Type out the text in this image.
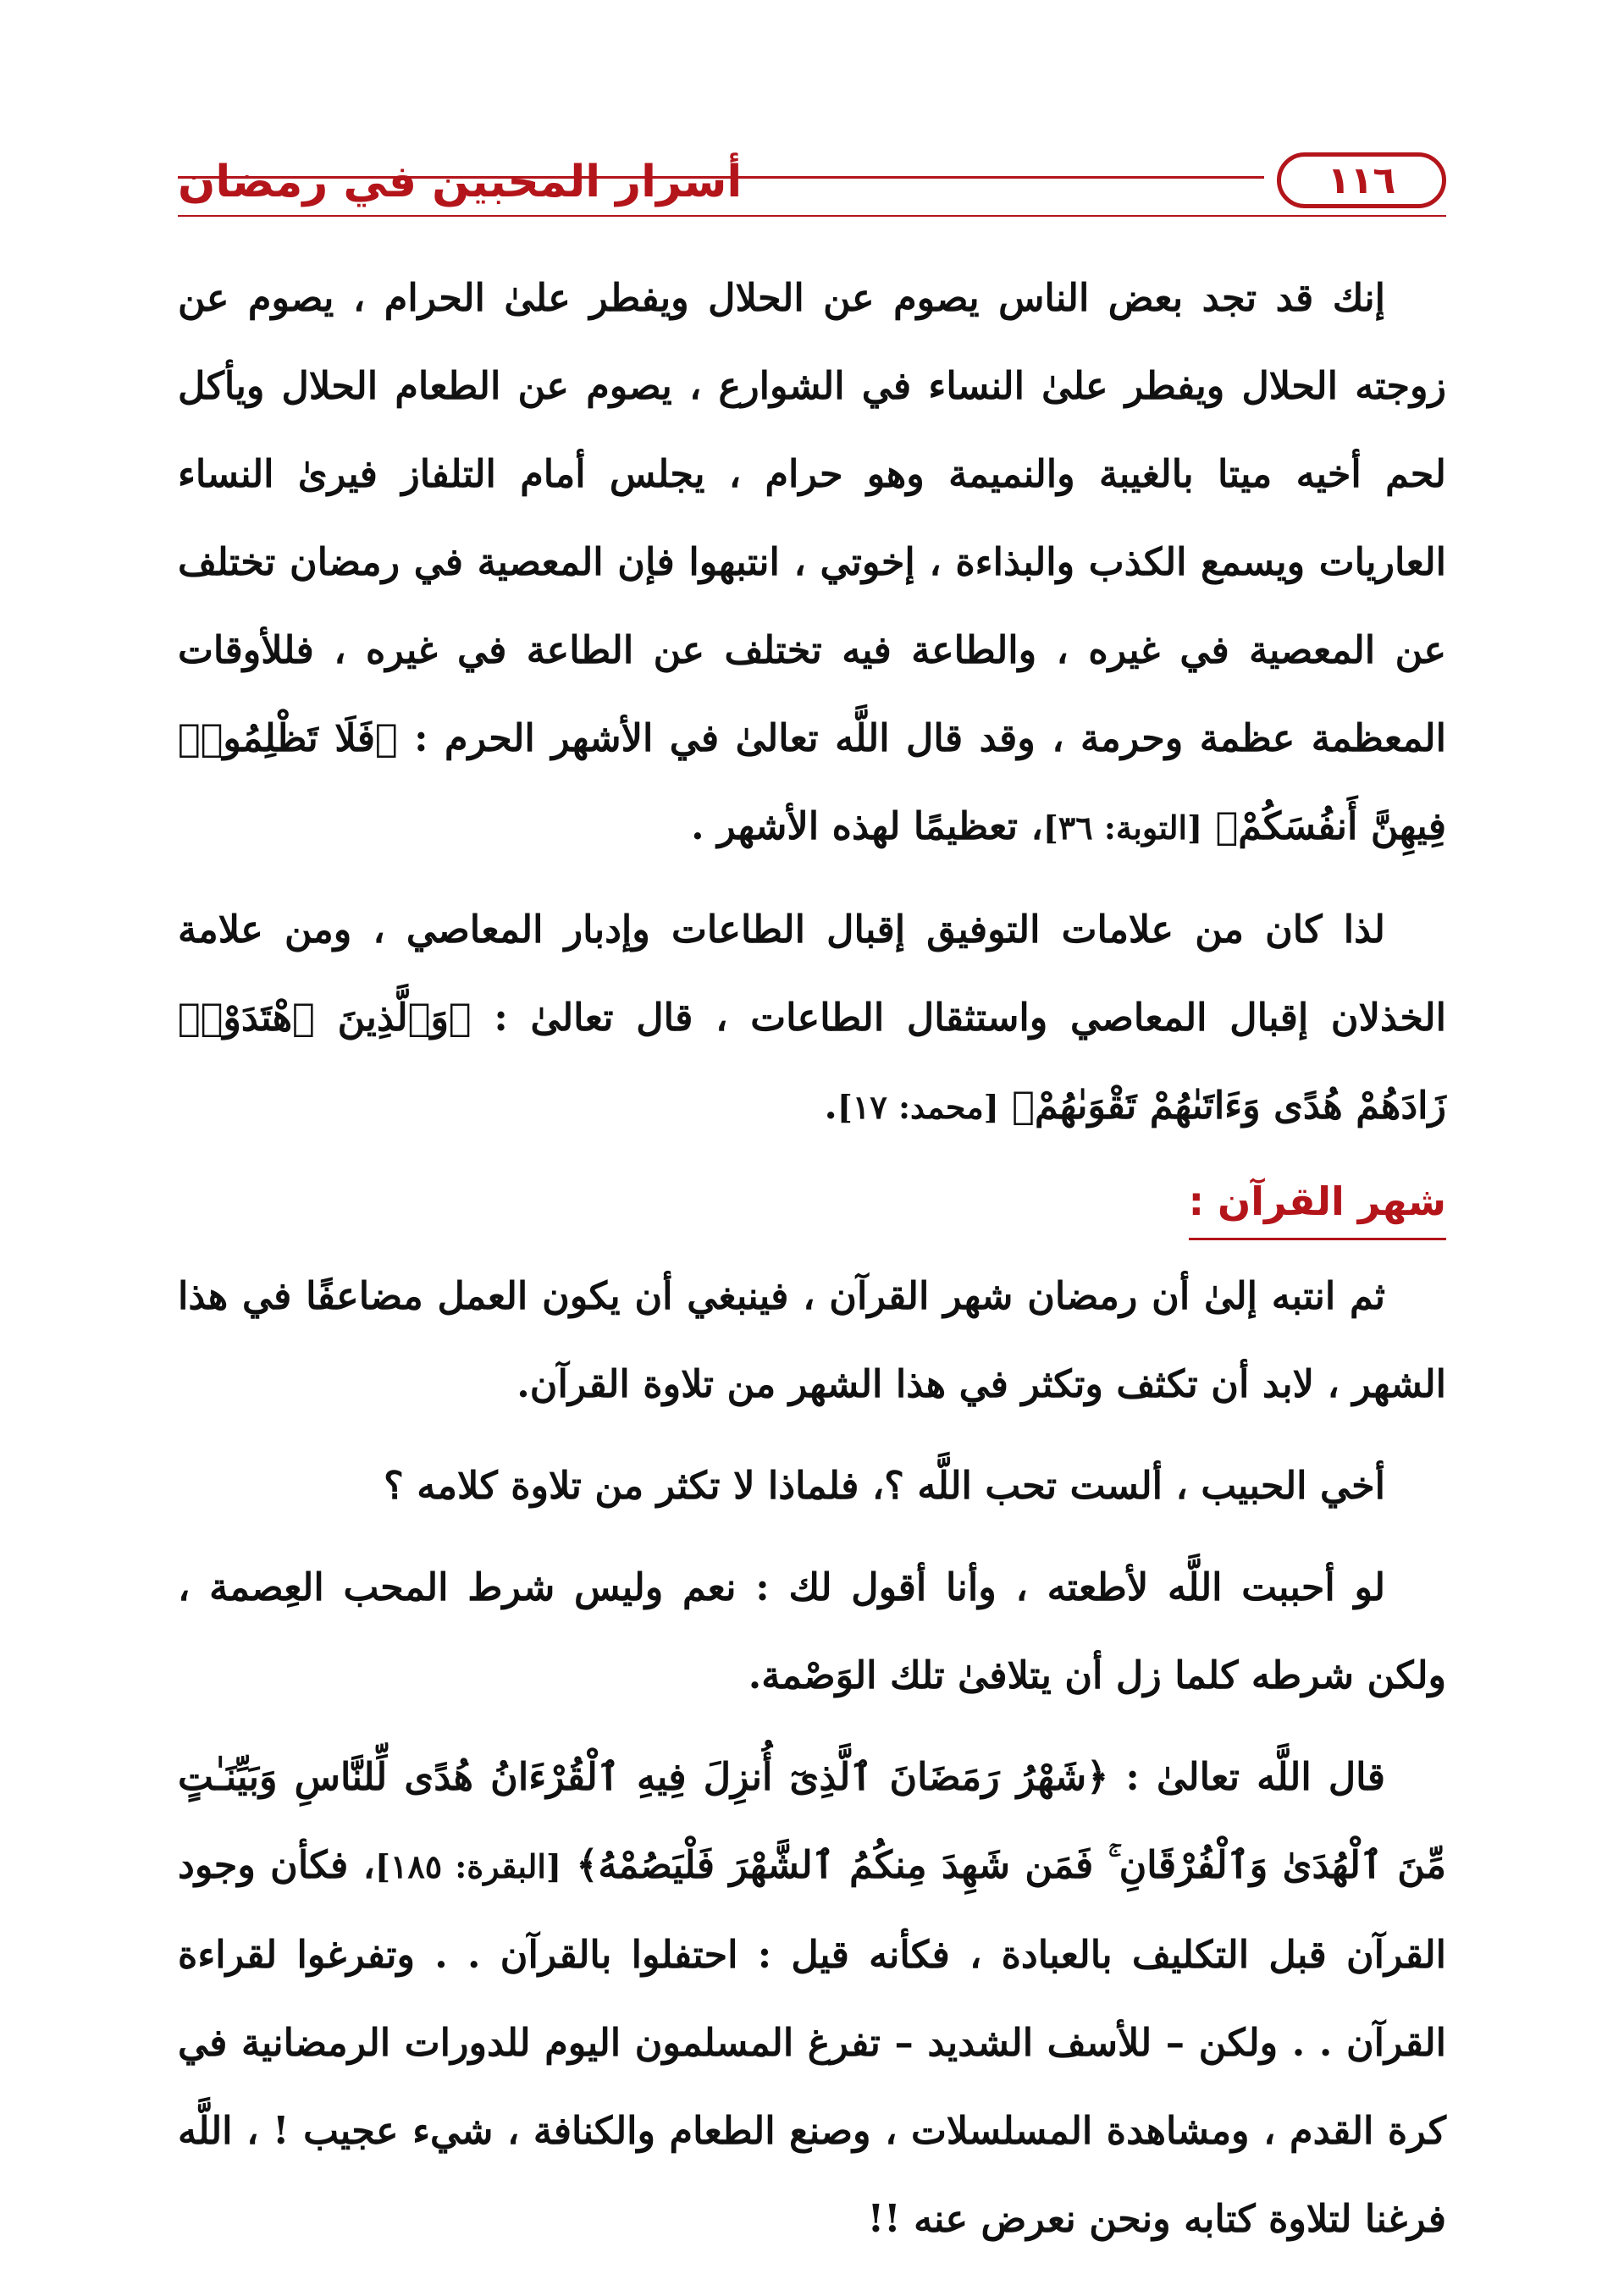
أسرار المحبين في رمضان	١١٦

إنك قد تجد بعض الناس يصوم عن الحلال ويفطر علىٰ الحرام ، يصوم عن زوجته الحلال ويفطر علىٰ النساء في الشوارع ، يصوم عن الطعام الحلال ويأكل لحم أخيه ميتا بالغيبة والنميمة وهو حرام ، يجلس أمام التلفاز فيرىٰ النساء العاريات ويسمع الكذب والبذاءة ، إخوتي ، انتبهوا فإن المعصية في رمضان تختلف عن المعصية في غيره ، والطاعة فيه تختلف عن الطاعة في غيره ، فللأوقات المعظمة عظمة وحرمة ، وقد قال اللَّه تعالىٰ في الأشهر الحرم : ﴿فَلَا تَظْلِمُوا۟ فِيهِنَّ أَنفُسَكُمْ﴾ [التوبة: ٣٦]، تعظيمًا لهذه الأشهر .

لذا كان من علامات التوفيق إقبال الطاعات وإدبار المعاصي ، ومن علامة الخذلان إقبال المعاصي واستثقال الطاعات ، قال تعالىٰ : ﴿وَٱلَّذِينَ ٱهْتَدَوْا۟ زَادَهُمْ هُدًى وَءَاتَىٰهُمْ تَقْوَىٰهُمْ﴾ [محمد: ١٧].

شهر القرآن :

ثم انتبه إلىٰ أن رمضان شهر القرآن ، فينبغي أن يكون العمل مضاعفًا في هذا الشهر ، لابد أن تكثف وتكثر في هذا الشهر من تلاوة القرآن.

أخي الحبيب ، ألست تحب اللَّه ؟، فلماذا لا تكثر من تلاوة كلامه ؟

لو أحببت اللَّه لأطعته ، وأنا أقول لك : نعم وليس شرط المحب العِصمة ، ولكن شرطه كلما زل أن يتلافىٰ تلك الوَصْمة.

قال اللَّه تعالىٰ : ﴿شَهْرُ رَمَضَانَ ٱلَّذِىٓ أُنزِلَ فِيهِ ٱلْقُرْءَانُ هُدًى لِّلنَّاسِ وَبَيِّنَـٰتٍ مِّنَ ٱلْهُدَىٰ وَٱلْفُرْقَانِ ۚ فَمَن شَهِدَ مِنكُمُ ٱلشَّهْرَ فَلْيَصُمْهُ﴾ [البقرة: ١٨٥]، فكأن وجود القرآن قبل التكليف بالعبادة ، فكأنه قيل : احتفلوا بالقرآن . . وتفرغوا لقراءة القرآن . . ولكن – للأسف الشديد – تفرغ المسلمون اليوم للدورات الرمضانية في كرة القدم ، ومشاهدة المسلسلات ، وصنع الطعام والكنافة ، شيء عجيب ! ، اللَّه فرغنا لتلاوة كتابه ونحن نعرض عنه !!
